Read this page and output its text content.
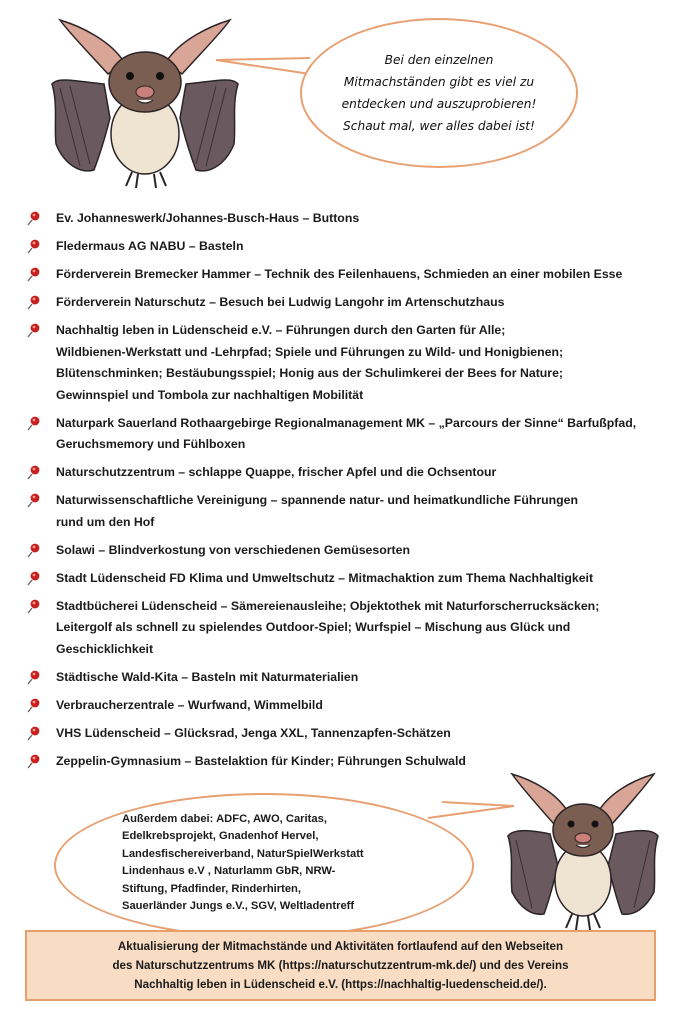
Bei den einzelnen
Mitmachständen gibt es viel zu
entdecken und auszuprobieren!
Schaut mal, wer alles dabei ist!
Ev. Johanneswerk/Johannes-Busch-Haus – Buttons
Fledermaus AG NABU – Basteln
Förderverein Bremecker Hammer – Technik des Feilenhauens, Schmieden an einer mobilen Esse
Förderverein Naturschutz – Besuch bei Ludwig Langohr im Artenschutzhaus
Nachhaltig leben in Lüdenscheid e.V. – Führungen durch den Garten für Alle;
Wildbienen-Werkstatt und -Lehrpfad; Spiele und Führungen zu Wild- und Honigbienen;
Blütenschminken; Bestäubungsspiel; Honig aus der Schulimkerei der Bees for Nature;
Gewinnspiel und Tombola zur nachhaltigen Mobilität
Naturpark Sauerland Rothaargebirge Regionalmanagement MK – „Parcours der Sinne“ Barfußpfad,
Geruchsmemory und Fühlboxen
Naturschutzzentrum – schlappe Quappe, frischer Apfel und die Ochsentour
Naturwissenschaftliche Vereinigung – spannende natur- und heimatkundliche Führungen
rund um den Hof
Solawi – Blindverkostung von verschiedenen Gemüsesorten
Stadt Lüdenscheid FD Klima und Umweltschutz – Mitmachaktion zum Thema Nachhaltigkeit
Stadtbücherei Lüdenscheid – Sämereienausleihe; Objektothek mit Naturforscherrucksäcken;
Leitergolf als schnell zu spielendes Outdoor-Spiel; Wurfspiel – Mischung aus Glück und
Geschicklichkeit
Städtische Wald-Kita – Basteln mit Naturmaterialien
Verbraucherzentrale – Wurfwand, Wimmelbild
VHS Lüdenscheid – Glücksrad, Jenga XXL, Tannenzapfen-Schätzen
Zeppelin-Gymnasium – Bastelaktion für Kinder; Führungen Schulwald
Außerdem dabei: ADFC, AWO, Caritas,
Edelkrebsprojekt, Gnadenhof Hervel,
Landesfischereiverband, NaturSpielWerkstatt
Lindenhaus e.V , Naturlamm GbR, NRW-
Stiftung, Pfadfinder, Rinderhirten,
Sauerländer Jungs e.V., SGV, Weltladentreff
Aktualisierung der Mitmachstände und Aktivitäten fortlaufend auf den Webseiten
des Naturschutzzentrums MK (https://naturschutzzentrum-mk.de/) und des Vereins
Nachhaltig leben in Lüdenscheid e.V. (https://nachhaltig-luedenscheid.de/).
